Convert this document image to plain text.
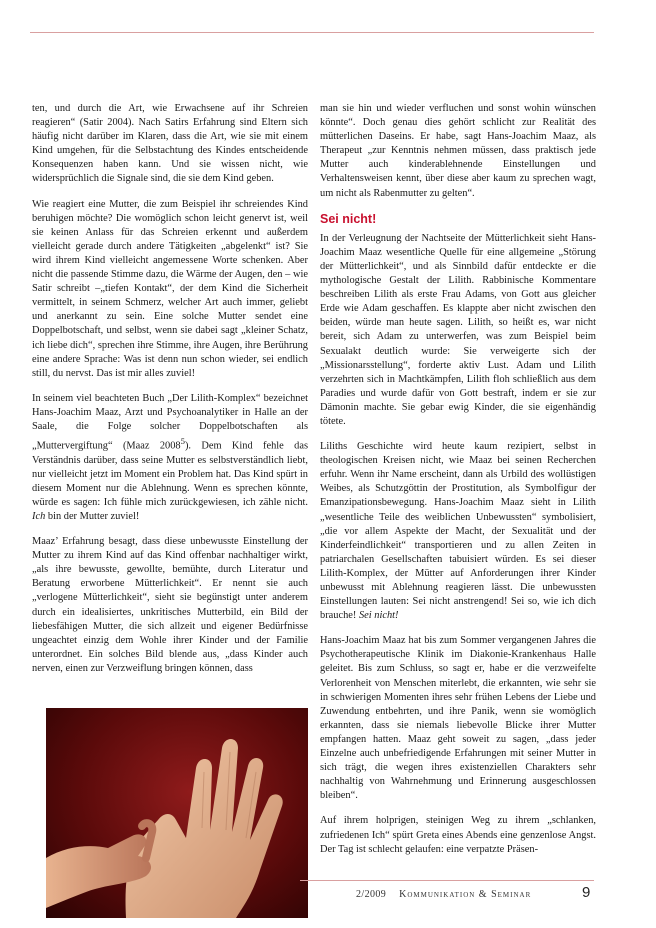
ten, und durch die Art, wie Erwachsene auf ihr Schreien reagieren“ (Satir 2004). Nach Satirs Erfahrung sind Eltern sich häufig nicht darüber im Klaren, dass die Art, wie sie mit einem Kind umgehen, für die Selbstachtung des Kindes entscheidende Konsequenzen haben kann. Und sie wissen nicht, wie widersprüchlich die Signale sind, die sie dem Kind geben.

Wie reagiert eine Mutter, die zum Beispiel ihr schreiendes Kind beruhigen möchte? Die womöglich schon leicht genervt ist, weil sie keinen Anlass für das Schreien erkennt und außerdem vielleicht gerade durch andere Tätigkeiten „abgelenkt“ ist? Sie wird ihrem Kind vielleicht angemessene Worte schenken. Aber nicht die passende Stimme dazu, die Wärme der Augen, den – wie Satir schreibt –„tiefen Kontakt“, der dem Kind die Sicherheit vermittelt, in seinem Schmerz, welcher Art auch immer, geliebt und anerkannt zu sein. Eine solche Mutter sendet eine Doppelbotschaft, und selbst, wenn sie dabei sagt „kleiner Schatz, ich liebe dich“, sprechen ihre Stimme, ihre Augen, ihre Berührung eine andere Sprache: Was ist denn nun schon wieder, sei endlich still, du nervst. Das ist mir alles zuviel!

In seinem viel beachteten Buch „Der Lilith-Komplex“ bezeichnet Hans-Joachim Maaz, Arzt und Psychoanalytiker in Halle an der Saale, die Folge solcher Doppelbotschaften als „Muttervergiftung“ (Maaz 2008$^5$). Dem Kind fehle das Verständnis darüber, dass seine Mutter es selbstverständlich liebt, nur vielleicht jetzt im Moment ein Problem hat. Das Kind spürt in diesem Moment nur die Ablehnung. Wenn es sprechen könnte, würde es sagen: Ich fühle mich zurückgewiesen, ich zähle nicht. Ich bin der Mutter zuviel!

Maaz’ Erfahrung besagt, dass diese unbewusste Einstellung der Mutter zu ihrem Kind auf das Kind offenbar nachhaltiger wirkt, „als ihre bewusste, gewollte, bemühte, durch Literatur und Beratung erworbene Mütterlichkeit“. Er nennt sie auch „verlogene Mütterlichkeit“, sieht sie begünstigt unter anderem durch ein idealisiertes, unkritisches Mutterbild, ein Bild der liebesfähigen Mutter, die sich allzeit und eigener Bedürfnisse ungeachtet einzig dem Wohle ihrer Kinder und der Familie unterordnet. Ein solches Bild blende aus, „dass Kinder auch nerven, einen zur Verzweiflung bringen können, dass

man sie hin und wieder verfluchen und sonst wohin wünschen könnte“. Doch genau dies gehört schlicht zur Realität des mütterlichen Daseins. Er habe, sagt Hans-Joachim Maaz, als Therapeut „zur Kenntnis nehmen müssen, dass praktisch jede Mutter auch kinderablehnende Einstellungen und Verhaltensweisen kennt, über diese aber kaum zu sprechen wagt, um nicht als Rabenmutter zu gelten“.

Sei nicht!

In der Verleugnung der Nachtseite der Mütterlichkeit sieht Hans-Joachim Maaz wesentliche Quelle für eine allgemeine „Störung der Mütterlichkeit“, und als Sinnbild dafür entdeckte er die mythologische Gestalt der Lilith. Rabbinische Kommentare beschreiben Lilith als erste Frau Adams, von Gott aus gleicher Erde wie Adam geschaffen. Es klappte aber nicht zwischen den beiden, würde man heute sagen. Lilith, so heißt es, war nicht bereit, sich Adam zu unterwerfen, was zum Beispiel beim Sexualakt deutlich wurde: Sie verweigerte sich der „Missionarsstellung“, forderte aktiv Lust. Adam und Lilith verzehrten sich in Machtkämpfen, Lilith floh schließlich aus dem Paradies und wurde dafür von Gott bestraft, indem er sie zur Dämonin machte. Sie gebar ewig Kinder, die sie eigenhändig tötete.

Liliths Geschichte wird heute kaum rezipiert, selbst in theologischen Kreisen nicht, wie Maaz bei seinen Recherchen erfuhr. Wenn ihr Name erscheint, dann als Urbild des wollüstigen Weibes, als Schutzgöttin der Prostitution, als Symbolfigur der Emanzipationsbewegung. Hans-Joachim Maaz sieht in Lilith „wesentliche Teile des weiblichen Unbewussten“ symbolisiert, „die vor allem Aspekte der Macht, der Sexualität und der Kinderfeindlichkeit“ transportieren und zu allen Zeiten in patriarchalen Gesellschaften tabuisiert würden. Es sei dieser Lilith-Komplex, der Mütter auf Anforderungen ihrer Kinder unbewusst mit Ablehnung reagieren lässt. Die unbewussten Einstellungen lauten: Sei nicht anstrengend! Sei so, wie ich dich brauche! Sei nicht!

Hans-Joachim Maaz hat bis zum Sommer vergangenen Jahres die Psychotherapeutische Klinik im Diakonie-Krankenhaus Halle geleitet. Bis zum Schluss, so sagt er, habe er die verzweifelte Verlorenheit von Menschen miterlebt, die erkannten, wie sehr sie in schwierigen Momenten ihres sehr frühen Lebens der Liebe und Zuwendung entbehrten, und ihre Panik, wenn sie womöglich erkannten, dass sie niemals liebevolle Blicke ihrer Mutter empfangen hatten. Maaz geht soweit zu sagen, „dass jeder Einzelne auch unbefriedigende Erfahrungen mit seiner Mutter in sich trägt, die wegen ihres existenziellen Charakters sehr nachhaltig von Wahrnehmung und Erinnerung ausgeschlossen bleiben“.

Auf ihrem holprigen, steinigen Weg zu ihrem „schlanken, zufriedenen Ich“ spürt Greta eines Abends eine genzenlose Angst. Der Tag ist schlecht gelaufen: eine verpatzte Präsen-

2/2009 Kommunikation & Seminar	9
